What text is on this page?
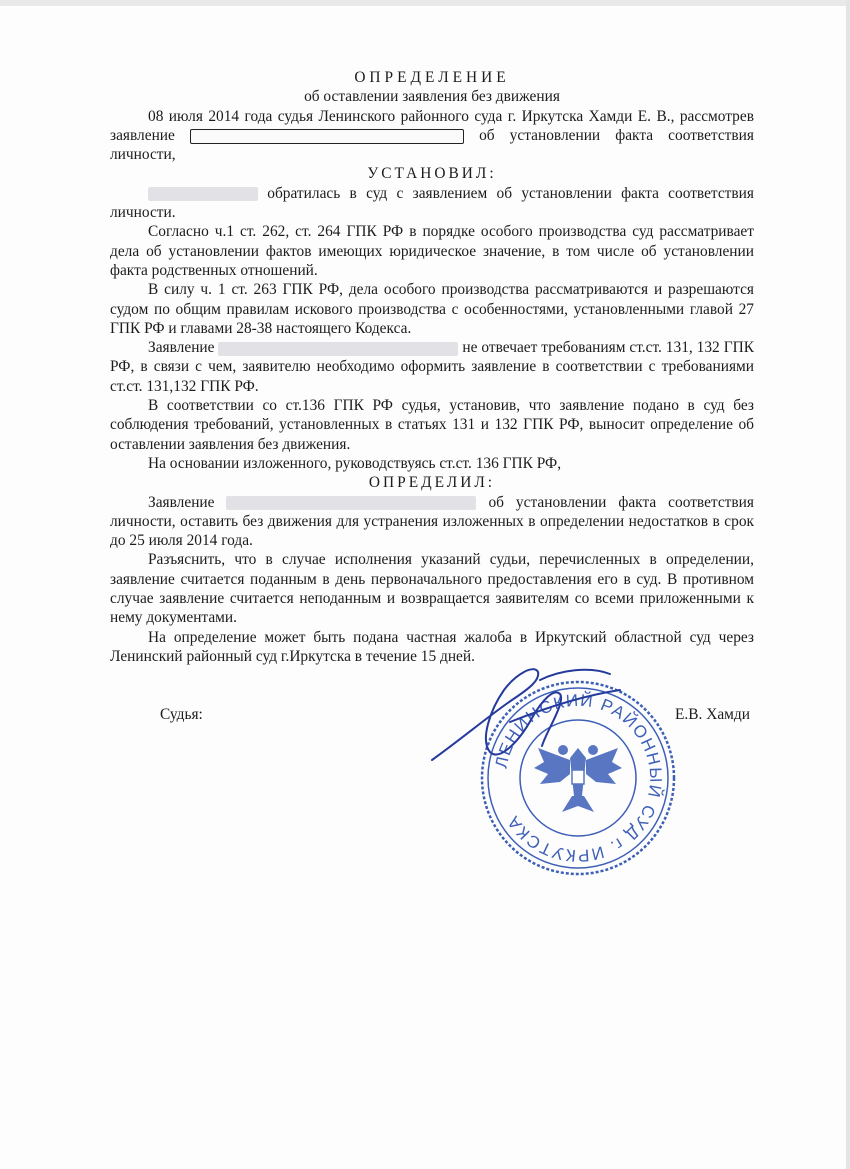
ОПРЕДЕЛЕНИЕ
об оставлении заявления без движения

08 июля 2014 года судья Ленинского районного суда г. Иркутска Хамди Е. В., рассмотрев заявление	об установлении факта соответствия личности,

УСТАНОВИЛ:

обратилась в суд с заявлением об установлении факта соответствия личности.

Согласно ч.1 ст. 262, ст. 264 ГПК РФ в порядке особого производства суд рассматривает дела об установлении фактов имеющих юридическое значение, в том числе об установлении факта родственных отношений.

В силу ч. 1 ст. 263 ГПК РФ, дела особого производства рассматриваются и разрешаются судом по общим правилам искового производства с особенностями, установленными главой 27 ГПК РФ и главами 28-38 настоящего Кодекса.

Заявление	не отвечает требованиям ст.ст. 131, 132 ГПК РФ, в связи с чем, заявителю необходимо оформить заявление в соответствии с требованиями ст.ст. 131,132 ГПК РФ.

В соответствии со ст.136 ГПК РФ судья, установив, что заявление подано в суд без соблюдения требований, установленных в статьях 131 и 132 ГПК РФ, выносит определение об оставлении заявления без движения.

На основании изложенного, руководствуясь ст.ст. 136 ГПК РФ,

ОПРЕДЕЛИЛ:

Заявление	об установлении факта соответствия личности, оставить без движения для устранения изложенных в определении недостатков в срок до 25 июля 2014 года.

Разъяснить, что в случае исполнения указаний судьи, перечисленных в определении, заявление считается поданным в день первоначального предоставления его в суд. В противном случае заявление считается неподанным и возвращается заявителям со всеми приложенными к нему документами.

На определение может быть подана частная жалоба в Иркутский областной суд через Ленинский районный суд г.Иркутска в течение 15 дней.

ЛЕНИНСКИЙ РАЙОННЫЙ СУД г. ИРКУТСКА
Судья:	Е.В. Хамди
